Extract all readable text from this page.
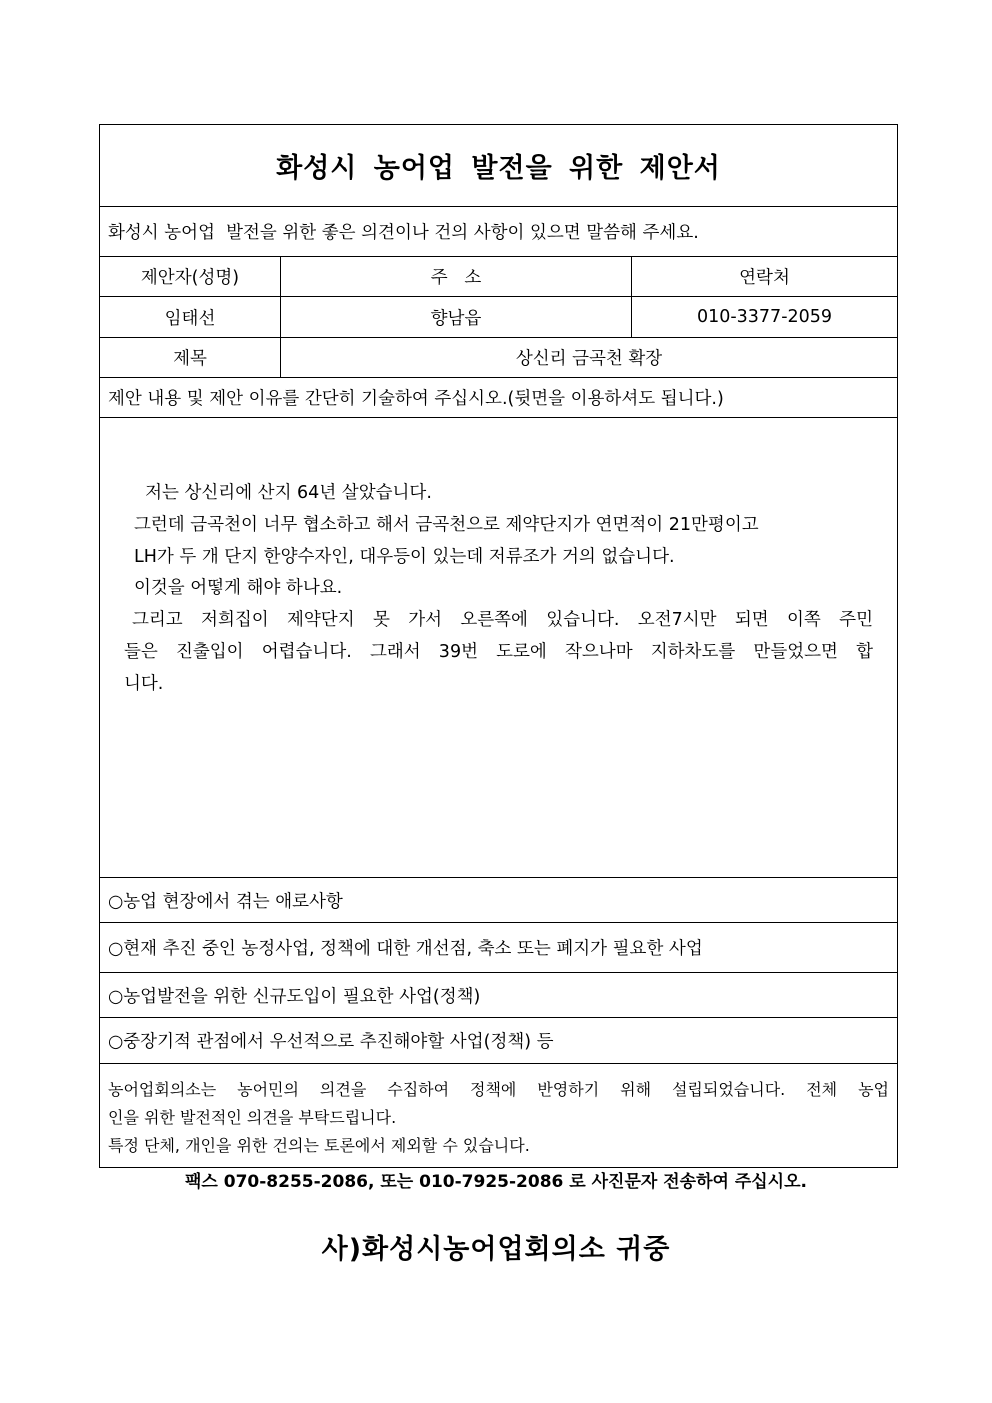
화성시 농어업 발전을 위한 제안서
화성시 농어업  발전을 위한 좋은 의견이나 건의 사항이 있으면 말씀해 주세요.
제안자(성명)	주   소	연락처
임태선	향남읍	010-3377-2059
제목	상신리 금곡천 확장
제안 내용 및 제안 이유를 간단히 기술하여 주십시오.(뒷면을 이용하셔도 됩니다.)

저는 상신리에 산지 64년 살았습니다.

그런데 금곡천이 너무 협소하고 해서 금곡천으로 제약단지가 연면적이 21만평이고

LH가 두 개 단지 한양수자인, 대우등이 있는데 저류조가 거의 없습니다.

이것을 어떻게 해야 하나요.

그리고 저희집이 제약단지 못 가서 오른쪽에 있습니다. 오전7시만 되면 이쪽 주민

들은 진출입이 어렵습니다. 그래서 39번 도로에 작으나마 지하차도를 만들었으면 합

니다.

○농업 현장에서 겪는 애로사항
○현재 추진 중인 농정사업, 정책에 대한 개선점, 축소 또는 폐지가 필요한 사업
○농업발전을 위한 신규도입이 필요한 사업(정책)
○중장기적 관점에서 우선적으로 추진해야할 사업(정책) 등

농어업회의소는 농어민의 의견을 수집하여 정책에 반영하기 위해 설립되었습니다. 전체 농업

인을 위한 발전적인 의견을 부탁드립니다.

특정 단체, 개인을 위한 건의는 토론에서 제외할 수 있습니다.

팩스 070-8255-2086, 또는 010-7925-2086 로 사진문자 전송하여 주십시오.
사)화성시농어업회의소 귀중
